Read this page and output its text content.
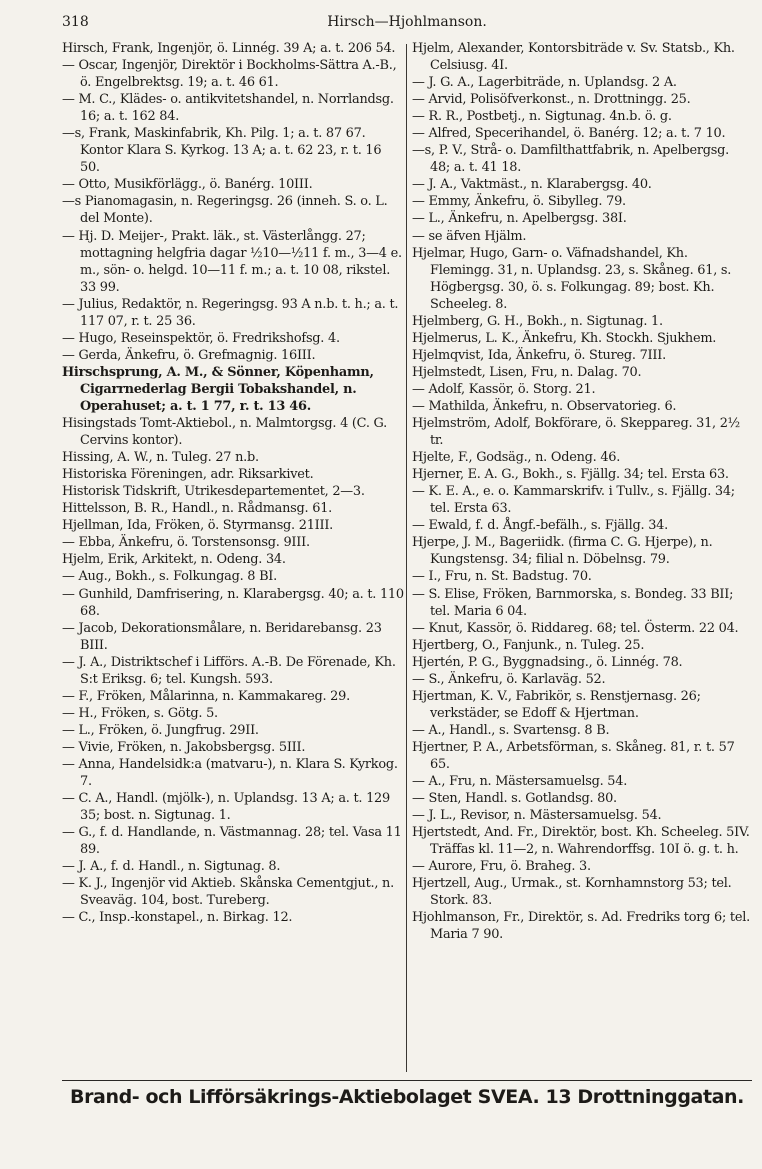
318	Hirsch—Hjohlmanson.
Hirsch, Frank, Ingenjör, ö. Linnég. 39 A; a. t. 206 54.
— Oscar, Ingenjör, Direktör i Bockholms-Sättra A.-B., ö. Engelbrektsg. 19; a. t. 46 61.
— M. C., Klädes- o. antikvitetshandel, n. Norrlandsg. 16; a. t. 162 84.
—s, Frank, Maskinfabrik, Kh. Pilg. 1; a. t. 87 67. Kontor Klara S. Kyrkog. 13 A; a. t. 62 23, r. t. 16 50.
— Otto, Musikförlägg., ö. Banérg. 10III.
—s Pianomagasin, n. Regeringsg. 26 (inneh. S. o. L. del Monte).
— Hj. D. Meijer-, Prakt. läk., st. Västerlångg. 27; mottagning helgfria dagar ½10—½11 f. m., 3—4 e. m., sön- o. helgd. 10—11 f. m.; a. t. 10 08, rikstel. 33 99.
— Julius, Redaktör, n. Regeringsg. 93 A n.b. t. h.; a. t. 117 07, r. t. 25 36.
— Hugo, Reseinspektör, ö. Fredrikshofsg. 4.
— Gerda, Änkefru, ö. Grefmagnig. 16III.
Hirschsprung, A. M., & Sönner, Köpenhamn, Cigarrnederlag Bergii Tobakshandel, n. Operahuset; a. t. 1 77, r. t. 13 46.
Hisingstads Tomt-Aktiebol., n. Malmtorgsg. 4 (C. G. Cervins kontor).
Hissing, A. W., n. Tuleg. 27 n.b.
Historiska Föreningen, adr. Riksarkivet.
Historisk Tidskrift, Utrikesdepartementet, 2—3.
Hittelsson, B. R., Handl., n. Rådmansg. 61.
Hjellman, Ida, Fröken, ö. Styrmansg. 21III.
— Ebba, Änkefru, ö. Torstensonsg. 9III.
Hjelm, Erik, Arkitekt, n. Odeng. 34.
— Aug., Bokh., s. Folkungag. 8 BI.
— Gunhild, Damfrisering, n. Klarabergsg. 40; a. t. 110 68.
— Jacob, Dekorationsmålare, n. Beridarebansg. 23 BIII.
— J. A., Distriktschef i Lifförs. A.-B. De Förenade, Kh. S:t Eriksg. 6; tel. Kungsh. 593.
— F., Fröken, Målarinna, n. Kammakareg. 29.
— H., Fröken, s. Götg. 5.
— L., Fröken, ö. Jungfrug. 29II.
— Vivie, Fröken, n. Jakobsbergsg. 5III.
— Anna, Handelsidk:a (matvaru-), n. Klara S. Kyrkog. 7.
— C. A., Handl. (mjölk-), n. Uplandsg. 13 A; a. t. 129 35; bost. n. Sigtunag. 1.
— G., f. d. Handlande, n. Västmannag. 28; tel. Vasa 11 89.
— J. A., f. d. Handl., n. Sigtunag. 8.
— K. J., Ingenjör vid Aktieb. Skånska Cementgjut., n. Sveaväg. 104, bost. Tureberg.
— C., Insp.-konstapel., n. Birkag. 12.
Hjelm, Alexander, Kontorsbiträde v. Sv. Statsb., Kh. Celsiusg. 4I.
— J. G. A., Lagerbiträde, n. Uplandsg. 2 A.
— Arvid, Polisöfverkonst., n. Drottningg. 25.
— R. R., Postbetj., n. Sigtunag. 4n.b. ö. g.
— Alfred, Specerihandel, ö. Banérg. 12; a. t. 7 10.
—s, P. V., Strå- o. Damfilthattfabrik, n. Apelbergsg. 48; a. t. 41 18.
— J. A., Vaktmäst., n. Klarabergsg. 40.
— Emmy, Änkefru, ö. Sibylleg. 79.
— L., Änkefru, n. Apelbergsg. 38I.
— se äfven Hjälm.
Hjelmar, Hugo, Garn- o. Väfnadshandel, Kh. Flemingg. 31, n. Uplandsg. 23, s. Skåneg. 61, s. Högbergsg. 30, ö. s. Folkungag. 89; bost. Kh. Scheeleg. 8.
Hjelmberg, G. H., Bokh., n. Sigtunag. 1.
Hjelmerus, L. K., Änkefru, Kh. Stockh. Sjukhem.
Hjelmqvist, Ida, Änkefru, ö. Stureg. 7III.
Hjelmstedt, Lisen, Fru, n. Dalag. 70.
— Adolf, Kassör, ö. Storg. 21.
— Mathilda, Änkefru, n. Observatorieg. 6.
Hjelmström, Adolf, Bokförare, ö. Skeppareg. 31, 2½ tr.
Hjelte, F., Godsäg., n. Odeng. 46.
Hjerner, E. A. G., Bokh., s. Fjällg. 34; tel. Ersta 63.
— K. E. A., e. o. Kammarskrifv. i Tullv., s. Fjällg. 34; tel. Ersta 63.
— Ewald, f. d. Ångf.-befälh., s. Fjällg. 34.
Hjerpe, J. M., Bageriidk. (firma C. G. Hjerpe), n. Kungstensg. 34; filial n. Döbelnsg. 79.
— I., Fru, n. St. Badstug. 70.
— S. Elise, Fröken, Barnmorska, s. Bondeg. 33 BII; tel. Maria 6 04.
— Knut, Kassör, ö. Riddareg. 68; tel. Österm. 22 04.
Hjertberg, O., Fanjunk., n. Tuleg. 25.
Hjertén, P. G., Byggnadsing., ö. Linnég. 78.
— S., Änkefru, ö. Karlaväg. 52.
Hjertman, K. V., Fabrikör, s. Renstjernasg. 26; verkstäder, se Edoff & Hjertman.
— A., Handl., s. Svartensg. 8 B.
Hjertner, P. A., Arbetsförman, s. Skåneg. 81, r. t. 57 65.
— A., Fru, n. Mästersamuelsg. 54.
— Sten, Handl. s. Gotlandsg. 80.
— J. L., Revisor, n. Mästersamuelsg. 54.
Hjertstedt, And. Fr., Direktör, bost. Kh. Scheeleg. 5IV. Träffas kl. 11—2, n. Wahrendorffsg. 10I ö. g. t. h.
— Aurore, Fru, ö. Braheg. 3.
Hjertzell, Aug., Urmak., st. Kornhamnstorg 53; tel. Stork. 83.
Hjohlmanson, Fr., Direktör, s. Ad. Fredriks torg 6; tel. Maria 7 90.
Brand- och Lifförsäkrings-Aktiebolaget SVEA. 13 Drottninggatan.
